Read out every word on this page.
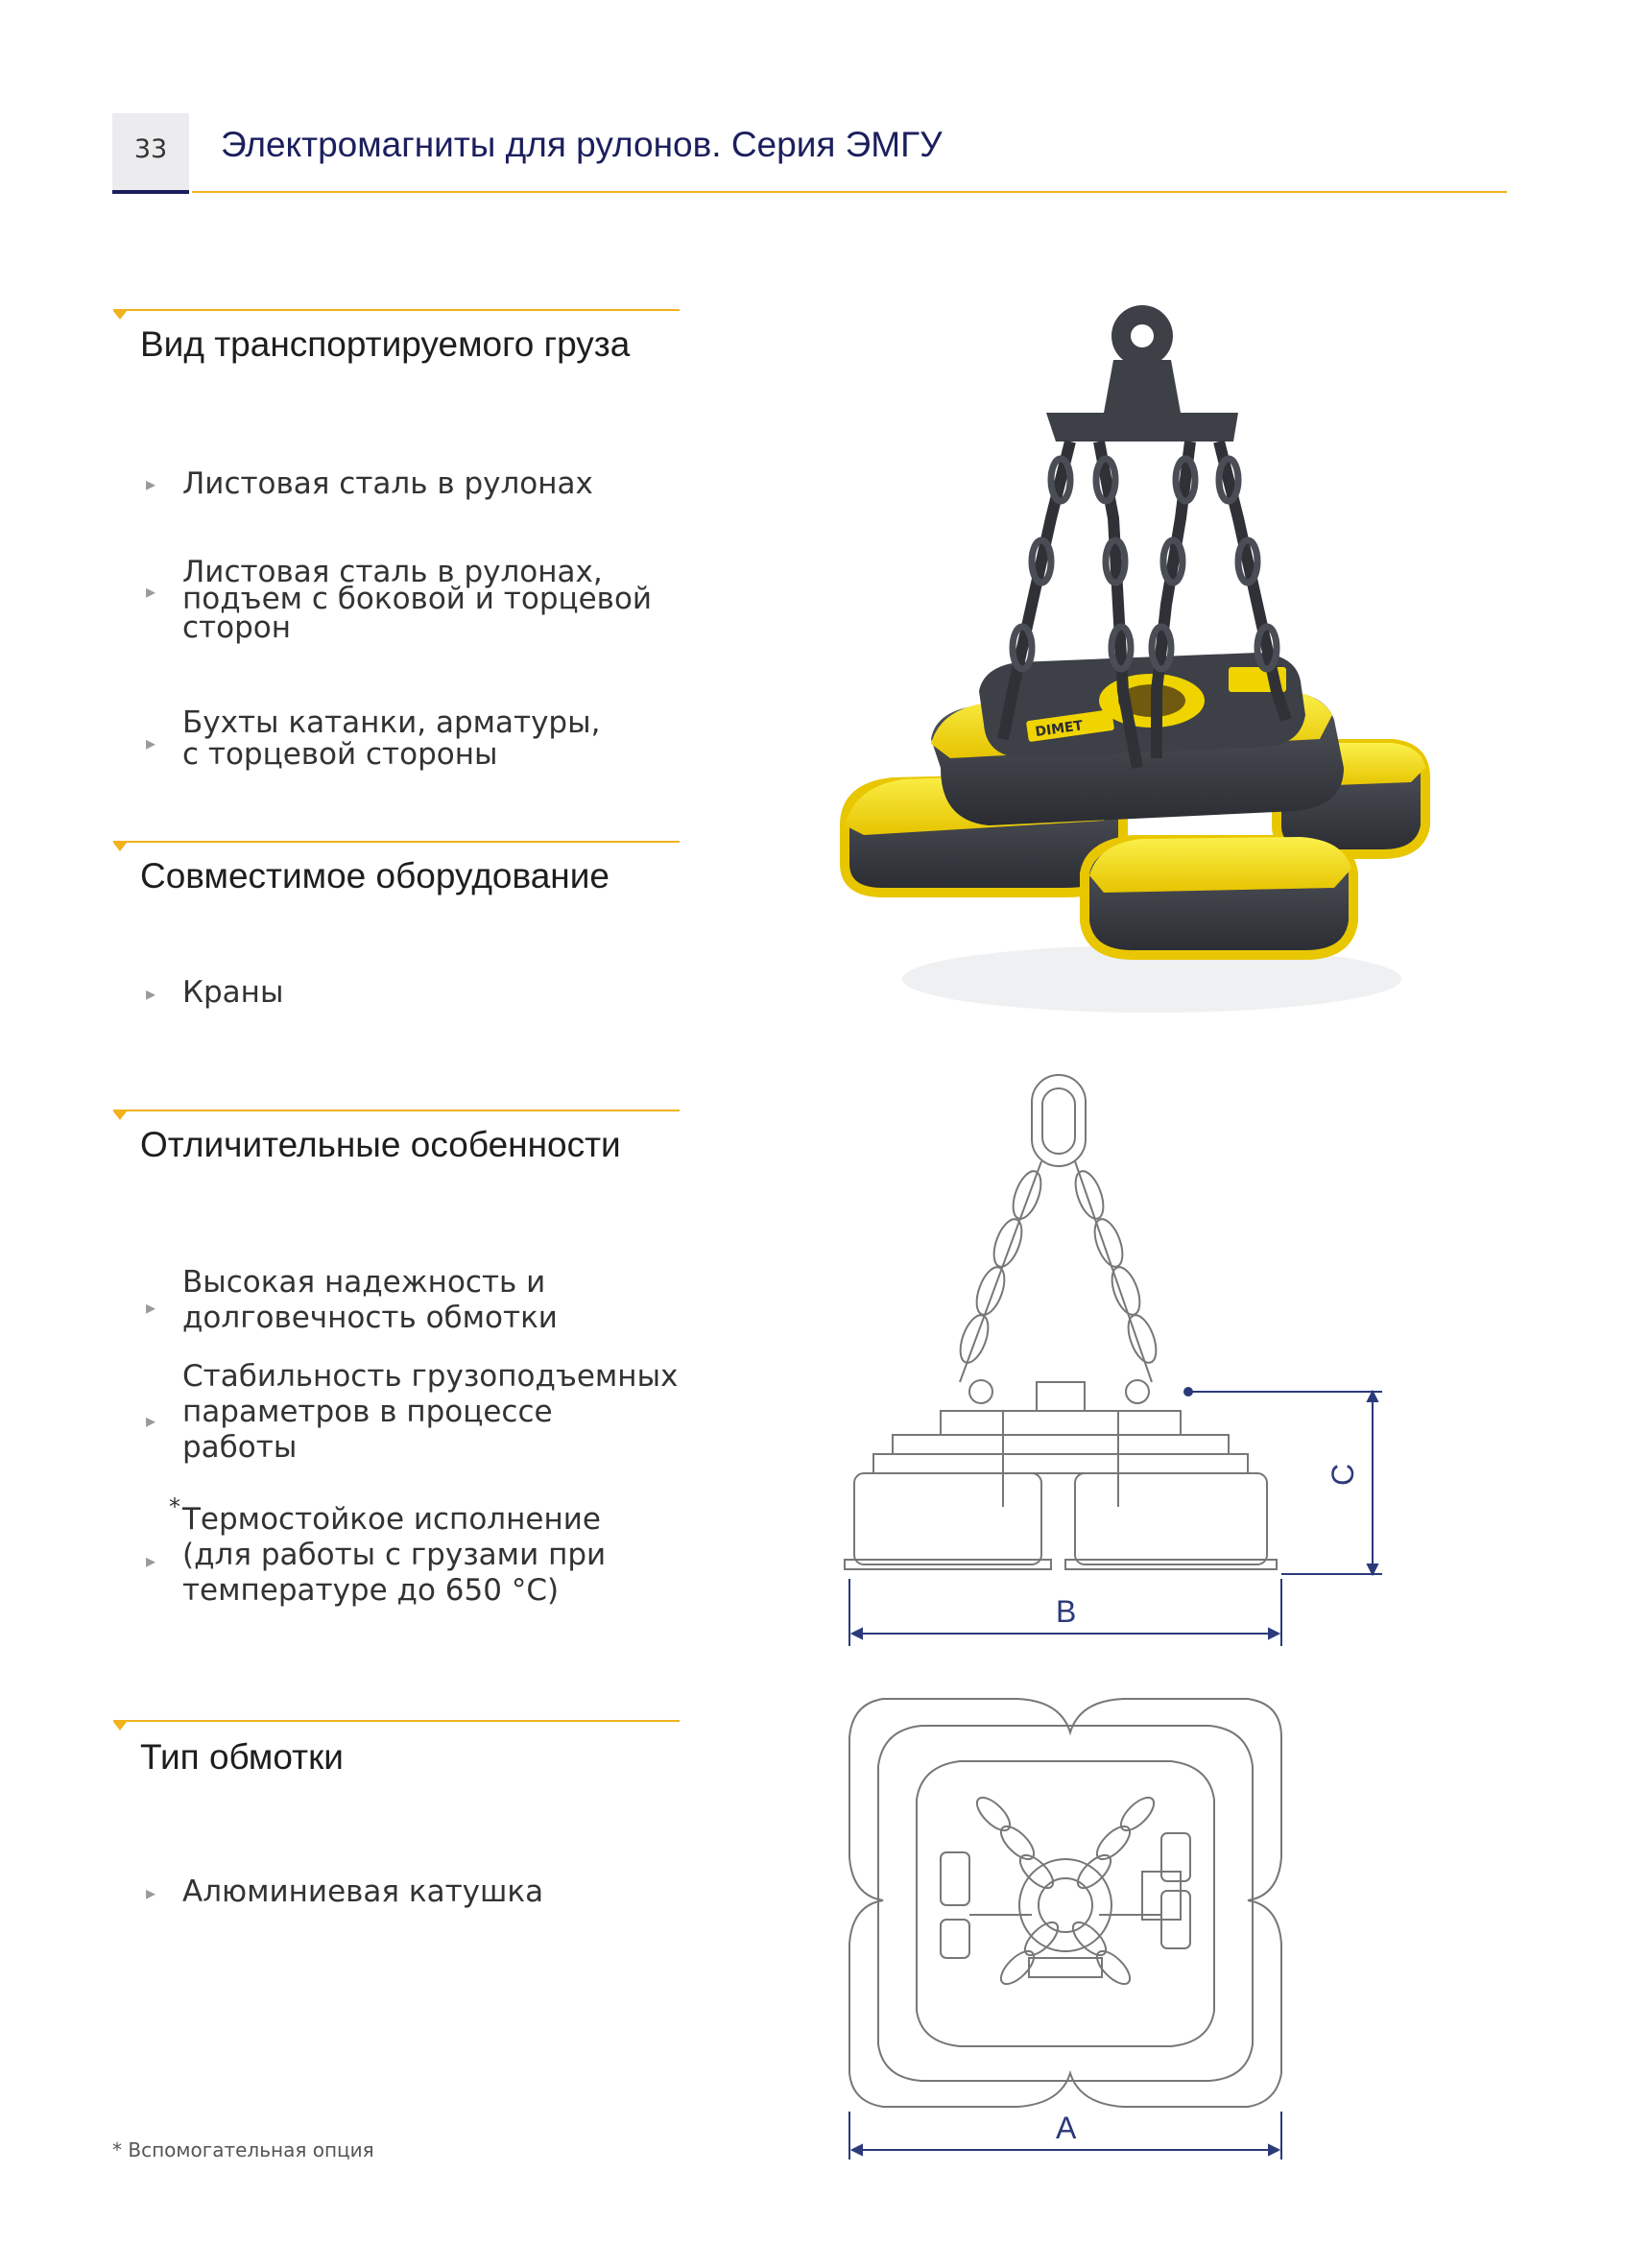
33	Электромагниты для рулонов. Серия ЭМГУ
Вид транспортируемого груза
▸ Листовая сталь в рулонах
▸
Листовая сталь в рулонах,
подъем с боковой и торцевой
сторон
▸
Бухты катанки, арматуры,
с торцевой стороны
Совместимое оборудование
▸ Краны
Отличительные особенности
▸
Высокая надежность и
долговечность обмотки
▸
Стабильность грузоподъемных
параметров в процессе
работы
*
▸
Термостойкое исполнение
(для работы с грузами при
температуре до 650 °С)
Тип обмотки
▸ Алюминиевая катушка
DIMET
C
B
A
* Вспомогательная опция
